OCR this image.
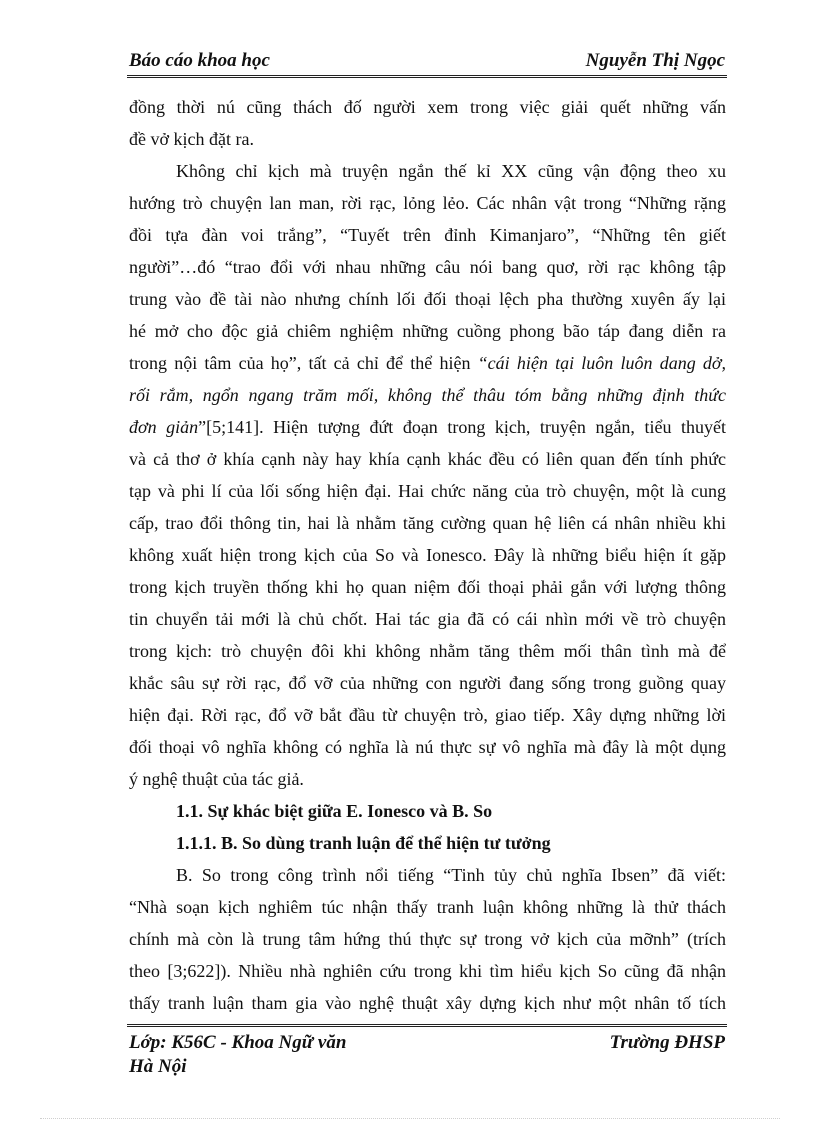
Báo cáo khoa học	Nguyễn Thị Ngọc
đồng thời nú cũng thách đố người xem trong việc giải quết những vấn
đề vở kịch đặt ra.
Không chỉ kịch mà truyện ngắn thế kỉ XX cũng vận động theo xu
hướng trò chuyện lan man, rời rạc, lỏng lẻo. Các nhân vật trong “Những rặng
đồi tựa đàn voi trắng”, “Tuyết trên đỉnh Kimanjaro”, “Những tên giết
người”…đó “trao đổi với nhau những câu nói bang quơ, rời rạc không tập
trung vào đề tài nào nhưng chính lối đối thoại lệch pha thường xuyên ấy lại
hé mở cho độc giả chiêm nghiệm những cuồng phong bão táp đang diễn ra
trong nội tâm của họ”, tất cả chỉ để thể hiện “cái hiện tại luôn luôn dang dở,
rối rắm, ngổn ngang trăm mối, không thể thâu tóm bằng những định thức
đơn giản”[5;141]. Hiện tượng đứt đoạn trong kịch, truyện ngắn, tiểu thuyết
và cả thơ ở khía cạnh này hay khía cạnh khác đều có liên quan đến tính phức
tạp và phi lí của lối sống hiện đại. Hai chức năng của trò chuyện, một là cung
cấp, trao đổi thông tin, hai là nhằm tăng cường quan hệ liên cá nhân nhiều khi
không xuất hiện trong kịch của So và Ionesco. Đây là những biểu hiện ít gặp
trong kịch truyền thống khi họ quan niệm đối thoại phải gắn với lượng thông
tin chuyển tải mới là chủ chốt. Hai tác gia đã có cái nhìn mới về trò chuyện
trong kịch: trò chuyện đôi khi không nhằm tăng thêm mối thân tình mà để
khắc sâu sự rời rạc, đổ vỡ của những con người đang sống trong guồng quay
hiện đại. Rời rạc, đổ vỡ bắt đầu từ chuyện trò, giao tiếp. Xây dựng những lời
đối thoại vô nghĩa không có nghĩa là nú thực sự vô nghĩa mà đây là một dụng
ý nghệ thuật của tác giả.
1.1. Sự khác biệt giữa E. Ionesco và B. So
1.1.1. B. So dùng tranh luận để thể hiện tư tưởng
B. So trong công trình nổi tiếng “Tinh tủy chủ nghĩa Ibsen” đã viết:
“Nhà soạn kịch nghiêm túc nhận thấy tranh luận không những là thử thách
chính mà còn là trung tâm hứng thú thực sự trong vở kịch của mỡnh” (trích
theo [3;622]). Nhiều nhà nghiên cứu trong khi tìm hiểu kịch So cũng đã nhận
thấy tranh luận tham gia vào nghệ thuật xây dựng kịch như một nhân tố tích
Lớp: K56C - Khoa Ngữ văn
Hà Nội
Trường ĐHSP
